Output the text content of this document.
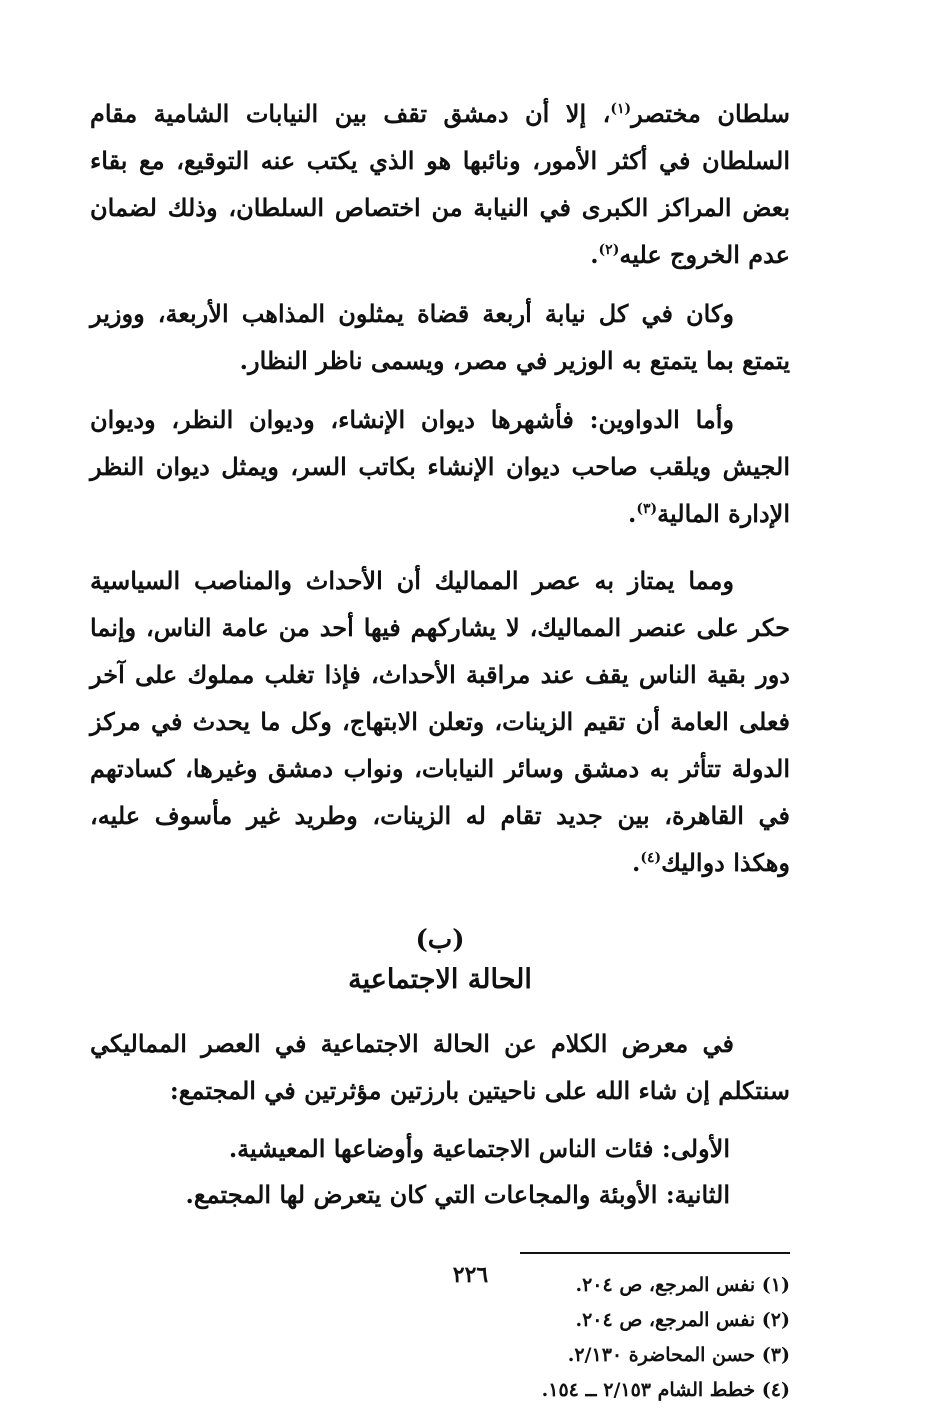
سلطان مختصر$^{(١)}$، إلا أن دمشق تقف بين النيابات الشامية مقام السلطان في أكثر الأمور، ونائبها هو الذي يكتب عنه التوقيع، مع بقاء بعض المراكز الكبرى في النيابة من اختصاص السلطان، وذلك لضمان عدم الخروج عليه$^{(٢)}$.

وكان في كل نيابة أربعة قضاة يمثلون المذاهب الأربعة، ووزير يتمتع بما يتمتع به الوزير في مصر، ويسمى ناظر النظار.

وأما الدواوين: فأشهرها ديوان الإنشاء، وديوان النظر، وديوان الجيش ويلقب صاحب ديوان الإنشاء بكاتب السر، ويمثل ديوان النظر الإدارة المالية$^{(٣)}$.

ومما يمتاز به عصر المماليك أن الأحداث والمناصب السياسية حكر على عنصر المماليك، لا يشاركهم فيها أحد من عامة الناس، وإنما دور بقية الناس يقف عند مراقبة الأحداث، فإذا تغلب مملوك على آخر فعلى العامة أن تقيم الزينات، وتعلن الابتهاج، وكل ما يحدث في مركز الدولة تتأثر به دمشق وسائر النيابات، ونواب دمشق وغيرها، كسادتهم في القاهرة، بين جديد تقام له الزينات، وطريد غير مأسوف عليه، وهكذا دواليك$^{(٤)}$.

(ب)
الحالة الاجتماعية

في معرض الكلام عن الحالة الاجتماعية في العصر المماليكي سنتكلم إن شاء الله على ناحيتين بارزتين مؤثرتين في المجتمع:

الأولى: فئات الناس الاجتماعية وأوضاعها المعيشية.

الثانية: الأوبئة والمجاعات التي كان يتعرض لها المجتمع.

(١) نفس المرجع، ص ٢٠٤.

(٢) نفس المرجع، ص ٢٠٤.

(٣) حسن المحاضرة ٢/١٣٠.

(٤) خطط الشام ٢/١٥٣ ــ ١٥٤.

٢٢٦
